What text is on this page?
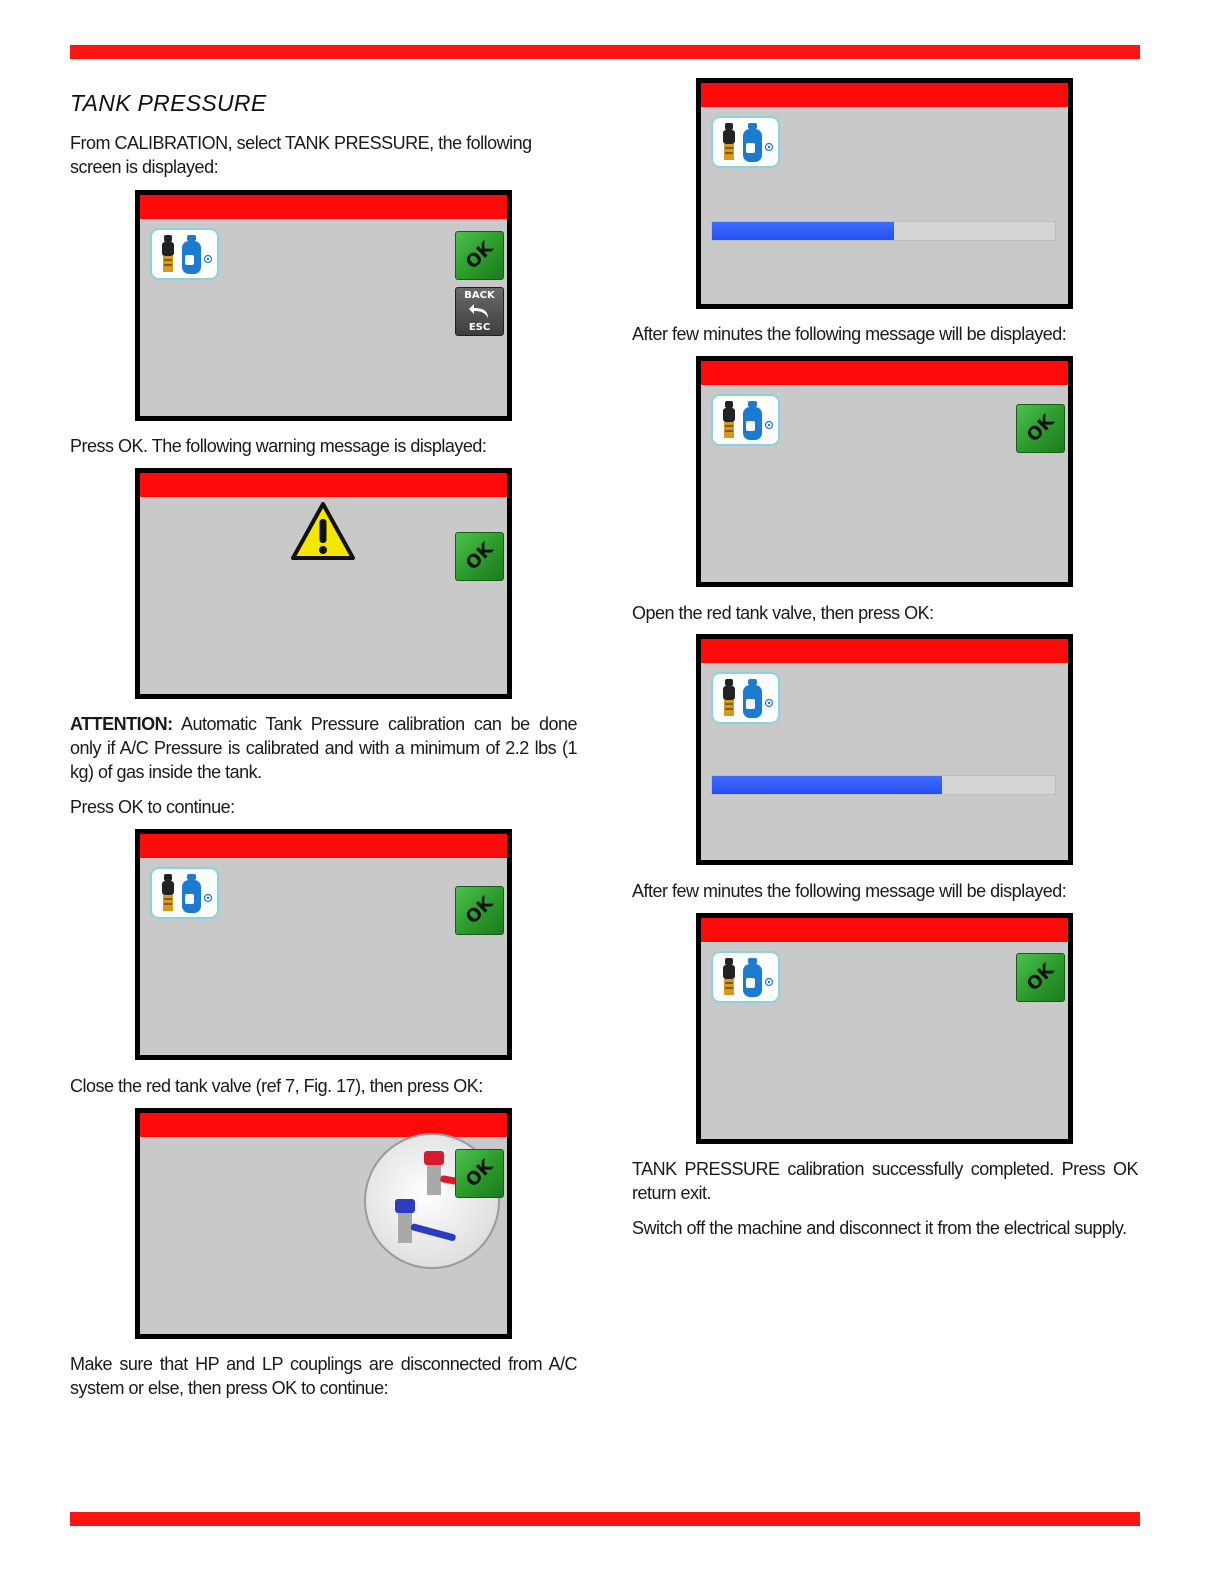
TANK PRESSURE
From CALIBRATION, select TANK PRESSURE, the following screen is displayed:
OK
BACK
ESC
Press OK. The following warning message is displayed:
OK
ATTENTION: Automatic Tank Pressure calibration can be done only if A/C Pressure is calibrated and with a minimum of 2.2 lbs (1 kg) of gas inside the tank.
Press OK to continue:
OK
Close the red tank valve (ref 7, Fig. 17), then press OK:
OK
Make sure that HP and LP couplings are disconnected from A/C system or else, then press OK to continue:
After few minutes the following message will be displayed:
OK
Open the red tank valve, then press OK:
After few minutes the following message will be displayed:
OK
TANK PRESSURE calibration successfully completed. Press OK return exit.
Switch off the machine and disconnect it from the electrical supply.
